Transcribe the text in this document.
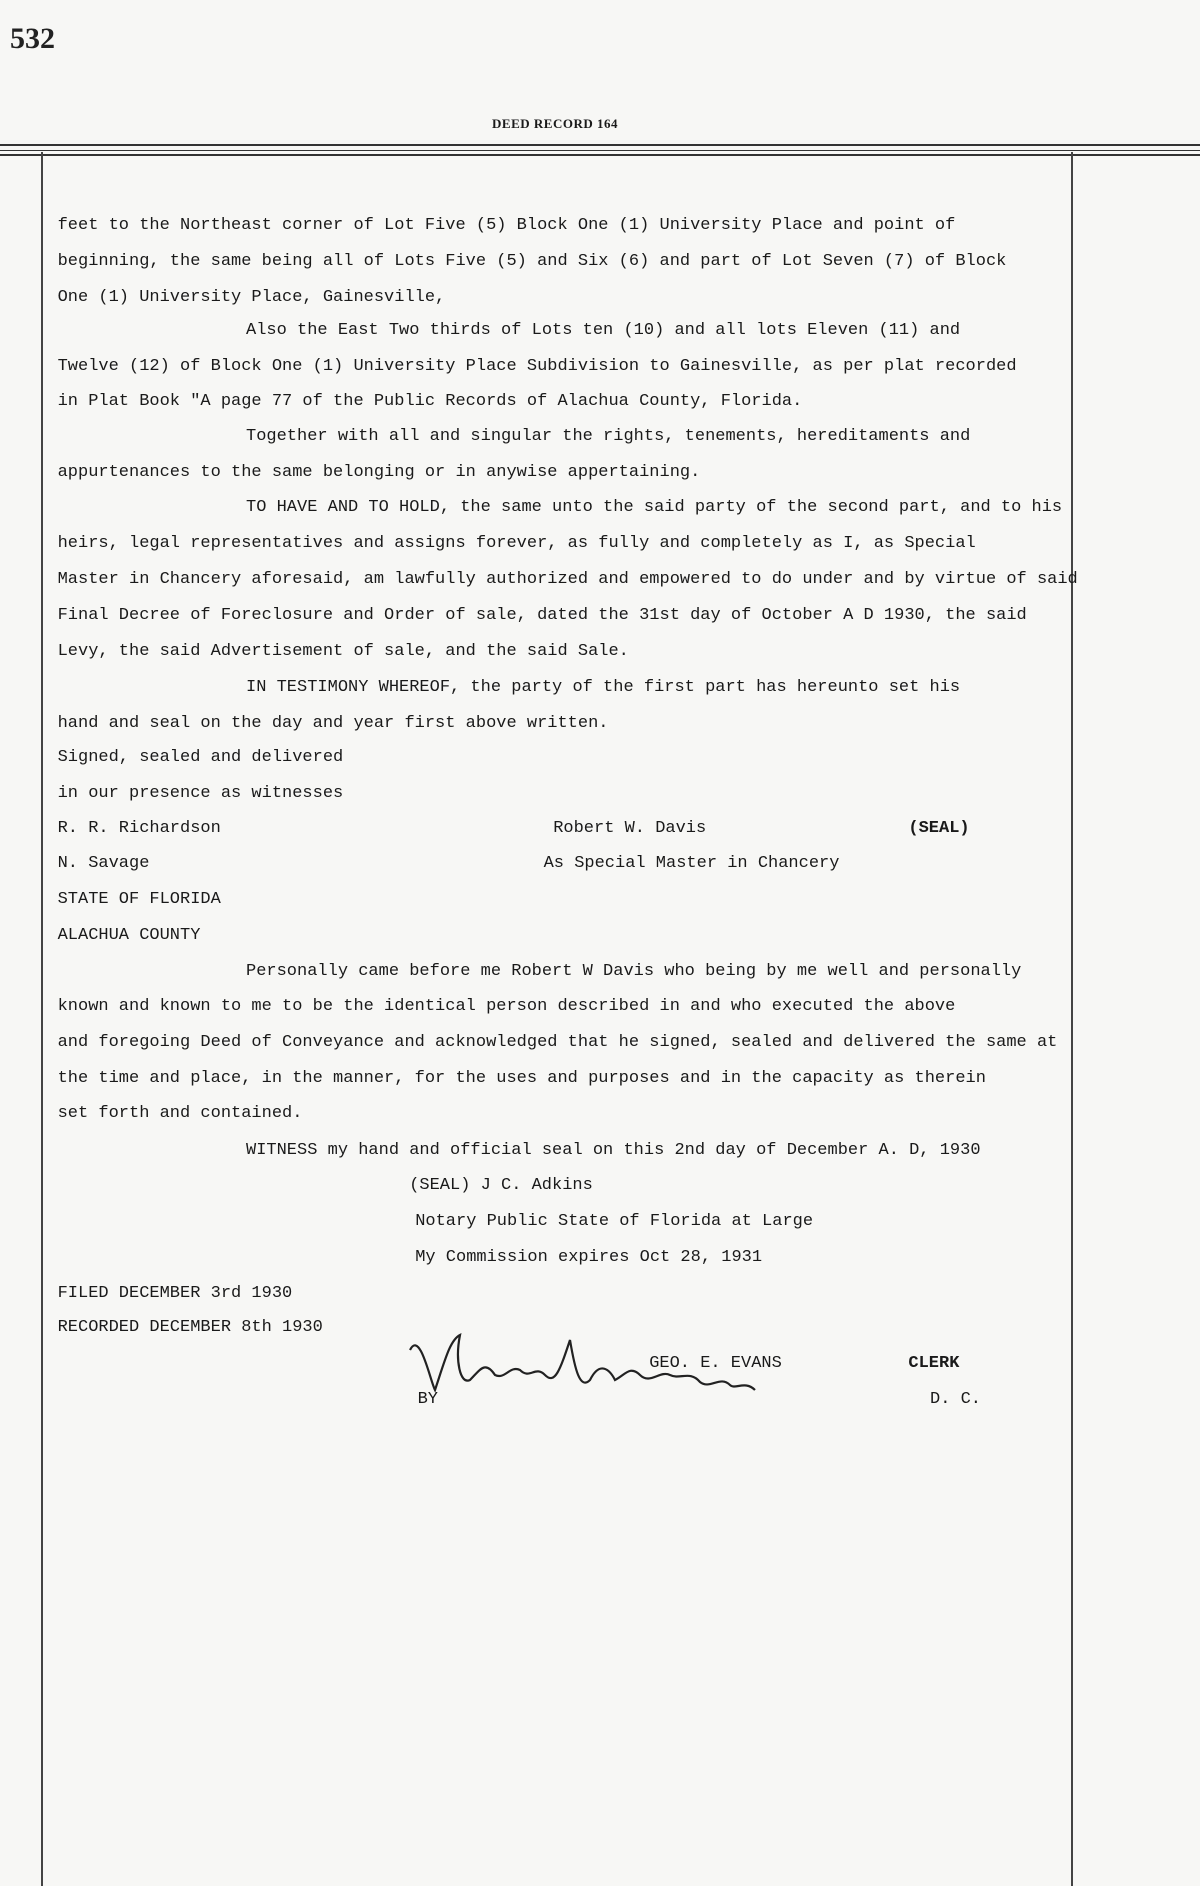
532
DEED RECORD 164
feet to the Northeast corner of Lot Five (5) Block One (1) University Place and point of
beginning, the same being all of Lots Five (5) and Six (6) and part of Lot Seven (7) of Block
One (1) University Place, Gainesville,
Also the East Two thirds of Lots ten (10) and all lots Eleven (11) and
Twelve (12) of Block One (1) University Place Subdivision to Gainesville, as per plat recorded
in Plat Book "A page 77 of the Public Records of Alachua County, Florida.
Together with all and singular the rights, tenements, hereditaments and
appurtenances to the same belonging or in anywise appertaining.
TO HAVE AND TO HOLD, the same unto the said party of the second part, and to his
heirs, legal representatives and assigns forever, as fully and completely as I, as Special
Master in Chancery aforesaid, am lawfully authorized and empowered to do under and by virtue of said
Final Decree of Foreclosure and Order of sale, dated the 31st day of October A D 1930, the said
Levy, the said Advertisement of sale, and the said Sale.
IN TESTIMONY WHEREOF, the party of the first part has hereunto set his
hand and seal on the day and year first above written.
Signed, sealed and delivered
in our presence as witnesses
R. R. Richardson	Robert W. Davis	(SEAL)
N. Savage	As Special Master in Chancery
STATE OF FLORIDA
ALACHUA COUNTY
Personally came before me Robert W Davis who being by me well and personally
known and known to me to be the identical person described in and who executed the above
and foregoing Deed of Conveyance and acknowledged that he signed, sealed and delivered the same at
the time and place, in the manner, for the uses and purposes and in the capacity as therein
set forth and contained.
WITNESS my hand and official seal on this 2nd day of December A. D, 1930
(SEAL) J C. Adkins
Notary Public State of Florida at Large
My Commission expires Oct 28, 1931
FILED DECEMBER 3rd 1930
RECORDED DECEMBER 8th 1930
GEO. E. EVANS	CLERK
BY	D. C.
